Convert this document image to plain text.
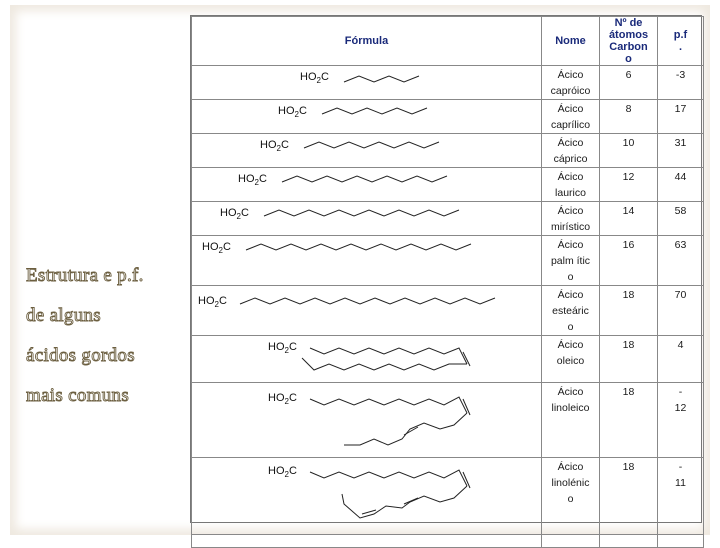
Estrutura e p.f.
de alguns
ácidos gordos
mais comuns
Fórmula	Nome	Nº de
átomos
Carbon
o	p.f
.

$HO_2C$	Ácico
capróico	6	-3

$HO_2C$	Ácico
caprílico	8	17

$HO_2C$	Ácico
cáprico	10	31

$HO_2C$	Ácico
laurico	12	44

$HO_2C$	Ácico
mirístico	14	58

$HO_2C$	Ácico
palm ític
o	16	63

$HO_2C$	Ácico
esteáric
o	18	70

$HO_2C$	Ácico
oleico	18	4

$HO_2C$	Ácico
linoleico	18	-
12

$HO_2C$	Ácico
linolénic
o	18	-
11
